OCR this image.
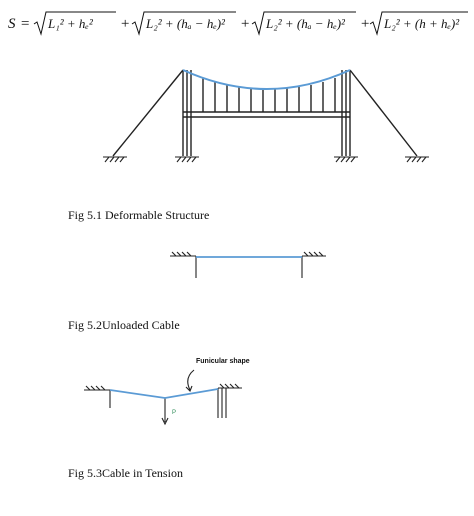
S = L₁² + hₑ² + L₂² + (hₐ − hₑ)² + L₂² + (hₐ − hₑ)² + L₂² + (h + hₑ)²
Fig 5.1 Deformable Structure
Fig 5.2Unloaded Cable
Funicular shape
P
Fig 5.3Cable in Tension
